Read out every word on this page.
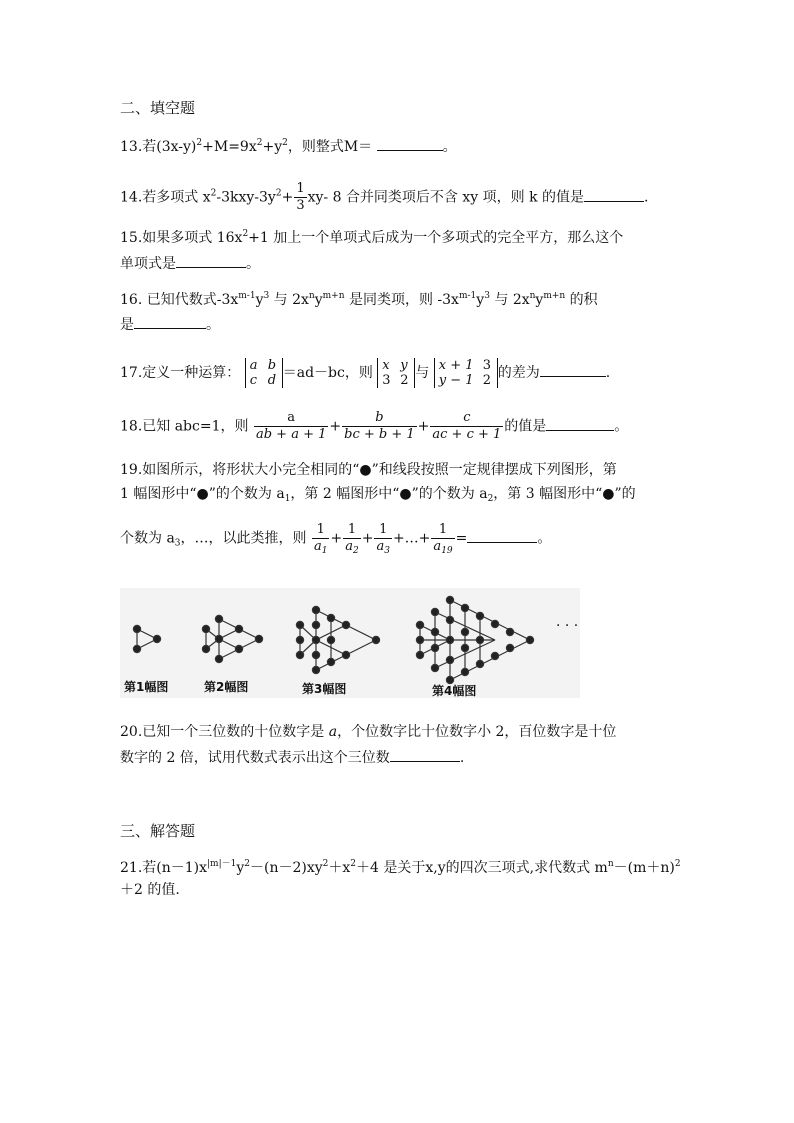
二、填空题
13.若$(3x-y)^2+M=9x^2+y^2$，则整式M＝	。
14.若多项式 $x^2-3kxy-3y^2+ \frac{1}{3} xy-$ 8 合并同类项后不含 xy 项，则 k 的值是	.
15.如果多项式 $16x^2+1$ 加上一个单项式后成为一个多项式的完全平方，那么这个
单项式是	。
16. 已知代数式$-3x^{m-1}y^3$ 与 $2x^ny^{m+n}$ 是同类项，则 $-3x^{m-1}y^3$ 与 $2x^ny^{m+n}$ 的积
是	。
17.定义一种运算： a b
c d ＝ad－bc，则 x y
3 2 与 x + 1 3
y − 1 2 的差为	.
18.已知 abc=1，则 $\frac{a}{ab + a + 1} + \frac{b}{bc + b + 1} + \frac{c}{ac + c + 1}$ 的值是	。
19.如图所示，将形状大小完全相同的“●”和线段按照一定规律摆成下列图形，第
1 幅图形中“●”的个数为 $a_1$，第 2 幅图形中“●”的个数为 $a_2$，第 3 幅图形中“●”的
个数为 $a_3$，…，以此类推，则 $\frac{1}{a_1} + \frac{1}{a_2} + \frac{1}{a_3}$ +…+ $\frac{1}{a_{19}}$ =	。
第1幅图	第2幅图	第3幅图	第4幅图
· · ·
20.已知一个三位数的十位数字是 a，个位数字比十位数字小 2，百位数字是十位
数字的 2 倍，试用代数式表示出这个三位数	.
三、解答题
21.若$(n-1)x^{|m|-1}y^2-(n-2)xy^2+x^2+4$ 是关于x,y的四次三项式,求代数式 $m^n-(m+n)^2$
＋2 的值.
